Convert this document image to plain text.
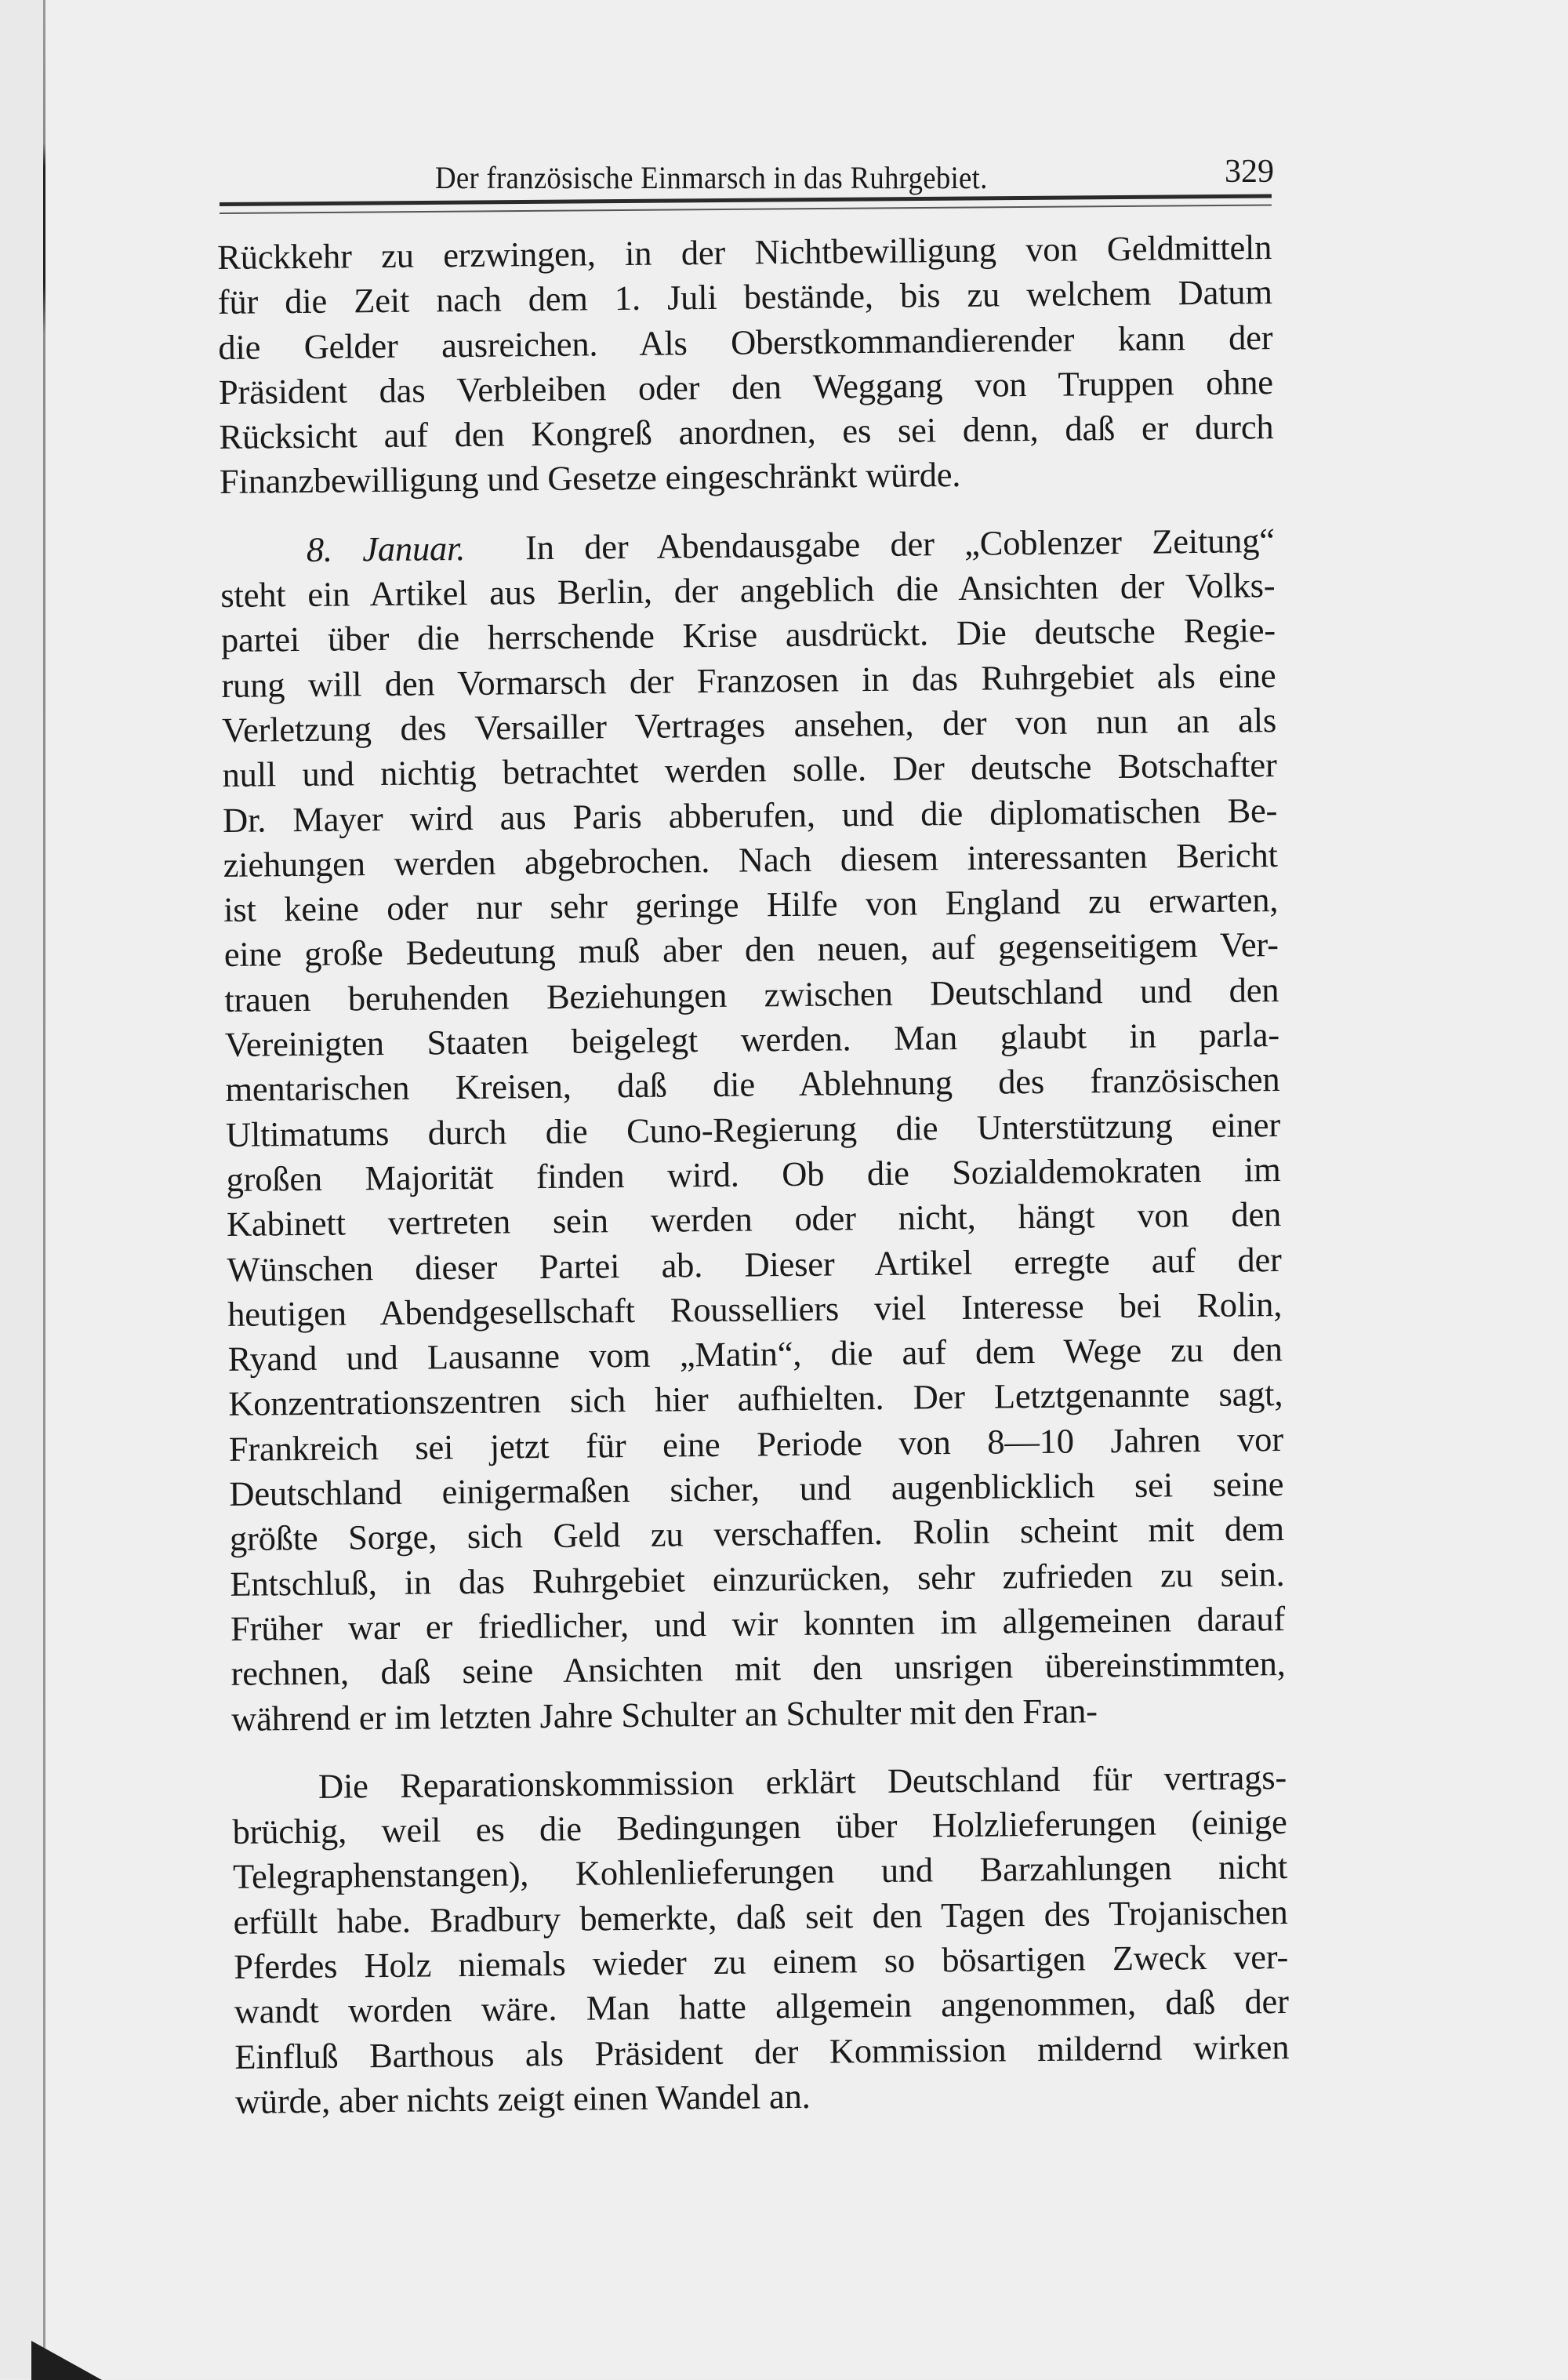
Der französische Einmarsch in das Ruhrgebiet.	329
Rückkehr zu erzwingen, in der Nichtbewilligung von Geldmitteln
für die Zeit nach dem 1. Juli bestände, bis zu welchem Datum
die Gelder ausreichen. Als Oberstkommandierender kann der
Präsident das Verbleiben oder den Weggang von Truppen ohne
Rücksicht auf den Kongreß anordnen, es sei denn, daß er durch
Finanzbewilligung und Gesetze eingeschränkt würde.
8. Januar. In der Abendausgabe der „Coblenzer Zeitung“
steht ein Artikel aus Berlin, der angeblich die Ansichten der Volks-
partei über die herrschende Krise ausdrückt. Die deutsche Regie-
rung will den Vormarsch der Franzosen in das Ruhrgebiet als eine
Verletzung des Versailler Vertrages ansehen, der von nun an als
null und nichtig betrachtet werden solle. Der deutsche Botschafter
Dr. Mayer wird aus Paris abberufen, und die diplomatischen Be-
ziehungen werden abgebrochen. Nach diesem interessanten Bericht
ist keine oder nur sehr geringe Hilfe von England zu erwarten,
eine große Bedeutung muß aber den neuen, auf gegenseitigem Ver-
trauen beruhenden Beziehungen zwischen Deutschland und den
Vereinigten Staaten beigelegt werden. Man glaubt in parla-
mentarischen Kreisen, daß die Ablehnung des französischen
Ultimatums durch die Cuno-Regierung die Unterstützung einer
großen Majorität finden wird. Ob die Sozialdemokraten im
Kabinett vertreten sein werden oder nicht, hängt von den
Wünschen dieser Partei ab. Dieser Artikel erregte auf der
heutigen Abendgesellschaft Rousselliers viel Interesse bei Rolin,
Ryand und Lausanne vom „Matin“, die auf dem Wege zu den
Konzentrationszentren sich hier aufhielten. Der Letztgenannte sagt,
Frankreich sei jetzt für eine Periode von 8—10 Jahren vor
Deutschland einigermaßen sicher, und augenblicklich sei seine
größte Sorge, sich Geld zu verschaffen. Rolin scheint mit dem
Entschluß, in das Ruhrgebiet einzurücken, sehr zufrieden zu sein.
Früher war er friedlicher, und wir konnten im allgemeinen darauf
rechnen, daß seine Ansichten mit den unsrigen übereinstimmten,
während er im letzten Jahre Schulter an Schulter mit den Fran-
Die Reparationskommission erklärt Deutschland für vertrags-
brüchig, weil es die Bedingungen über Holzlieferungen (einige
Telegraphenstangen), Kohlenlieferungen und Barzahlungen nicht
erfüllt habe. Bradbury bemerkte, daß seit den Tagen des Trojanischen
Pferdes Holz niemals wieder zu einem so bösartigen Zweck ver-
wandt worden wäre. Man hatte allgemein angenommen, daß der
Einfluß Barthous als Präsident der Kommission mildernd wirken
würde, aber nichts zeigt einen Wandel an.
